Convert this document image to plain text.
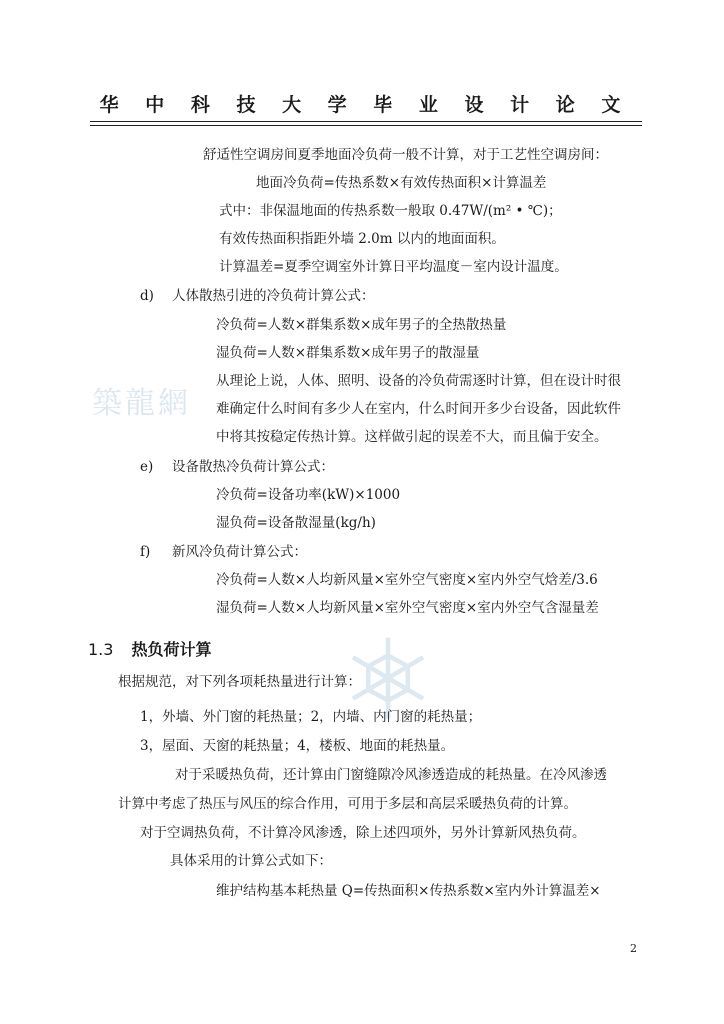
华 中 科 技 大 学 毕 业 设 计 论 文
築龍網
舒适性空调房间夏季地面冷负荷一般不计算，对于工艺性空调房间：
地面冷负荷=传热系数×有效传热面积×计算温差
式中：非保温地面的传热系数一般取 0.47W/(m² • ℃)；
有效传热面积指距外墙 2.0m 以内的地面面积。
计算温差=夏季空调室外计算日平均温度－室内设计温度。
d) 人体散热引进的冷负荷计算公式：
冷负荷=人数×群集系数×成年男子的全热散热量
湿负荷=人数×群集系数×成年男子的散湿量
从理论上说，人体、照明、设备的冷负荷需逐时计算，但在设计时很
难确定什么时间有多少人在室内，什么时间开多少台设备，因此软件
中将其按稳定传热计算。这样做引起的误差不大，而且偏于安全。
e) 设备散热冷负荷计算公式：
冷负荷=设备功率(kW)×1000
湿负荷=设备散湿量(kg/h)
f) 新风冷负荷计算公式：
冷负荷=人数×人均新风量×室外空气密度×室内外空气焓差/3.6
湿负荷=人数×人均新风量×室外空气密度×室内外空气含湿量差
1.3 热负荷计算
根据规范，对下列各项耗热量进行计算：
1，外墙、外门窗的耗热量；2，内墙、内门窗的耗热量；
3，屋面、天窗的耗热量；4，楼板、地面的耗热量。
对于采暖热负荷，还计算由门窗缝隙冷风渗透造成的耗热量。在冷风渗透
计算中考虑了热压与风压的综合作用，可用于多层和高层采暖热负荷的计算。
对于空调热负荷，不计算冷风渗透，除上述四项外，另外计算新风热负荷。
具体采用的计算公式如下：
维护结构基本耗热量 Q=传热面积×传热系数×室内外计算温差×
2
